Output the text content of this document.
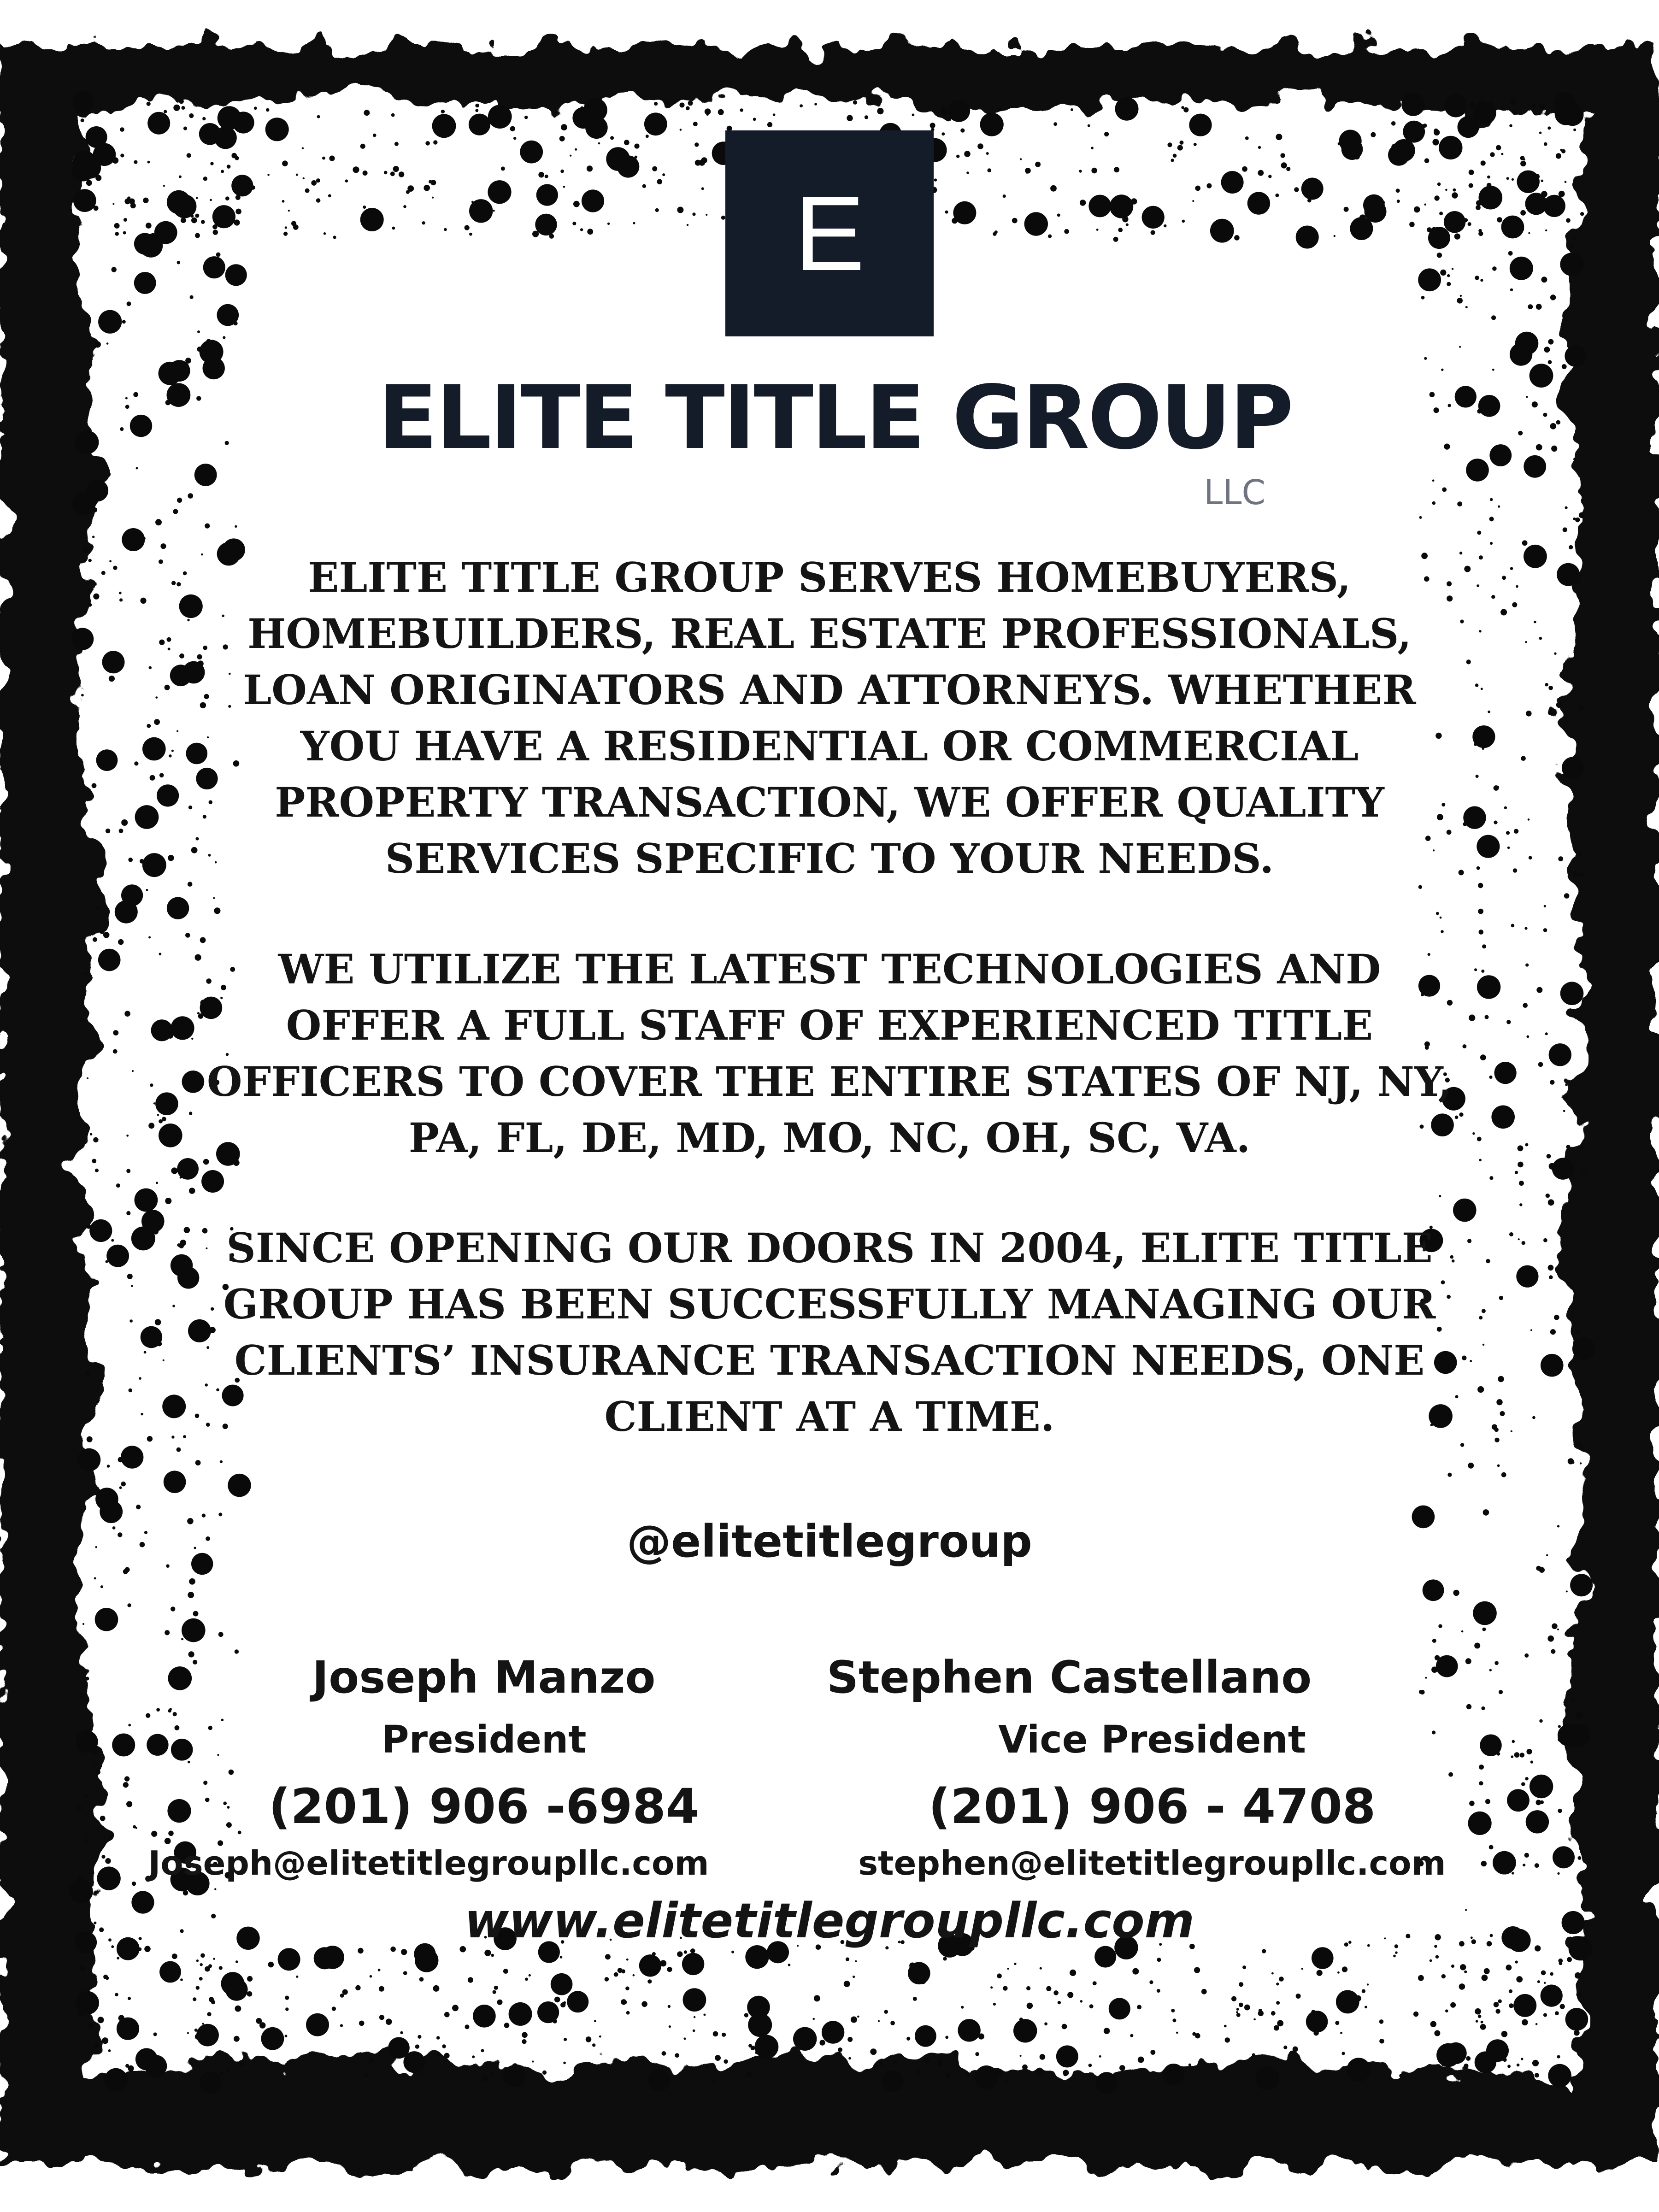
E
ELITE TITLE GROUP
LLC
ELITE TITLE GROUP SERVES HOMEBUYERS, HOMEBUILDERS, REAL ESTATE PROFESSIONALS, LOAN ORIGINATORS AND ATTORNEYS. WHETHER YOU HAVE A RESIDENTIAL OR COMMERCIAL PROPERTY TRANSACTION, WE OFFER QUALITY SERVICES SPECIFIC TO YOUR NEEDS.
WE UTILIZE THE LATEST TECHNOLOGIES AND OFFER A FULL STAFF OF EXPERIENCED TITLE OFFICERS TO COVER THE ENTIRE STATES OF NJ, NY, PA, FL, DE, MD, MO, NC, OH, SC, VA.
SINCE OPENING OUR DOORS IN 2004, ELITE TITLE GROUP HAS BEEN SUCCESSFULLY MANAGING OUR CLIENTS’ INSURANCE TRANSACTION NEEDS, ONE CLIENT AT A TIME.
@elitetitlegroup
Joseph Manzo
President
(201) 906 -6984
Joseph@elitetitlegroupllc.com
Stephen Castellano
Vice President
(201) 906 - 4708
stephen@elitetitlegroupllc.com
www.elitetitlegroupllc.com
